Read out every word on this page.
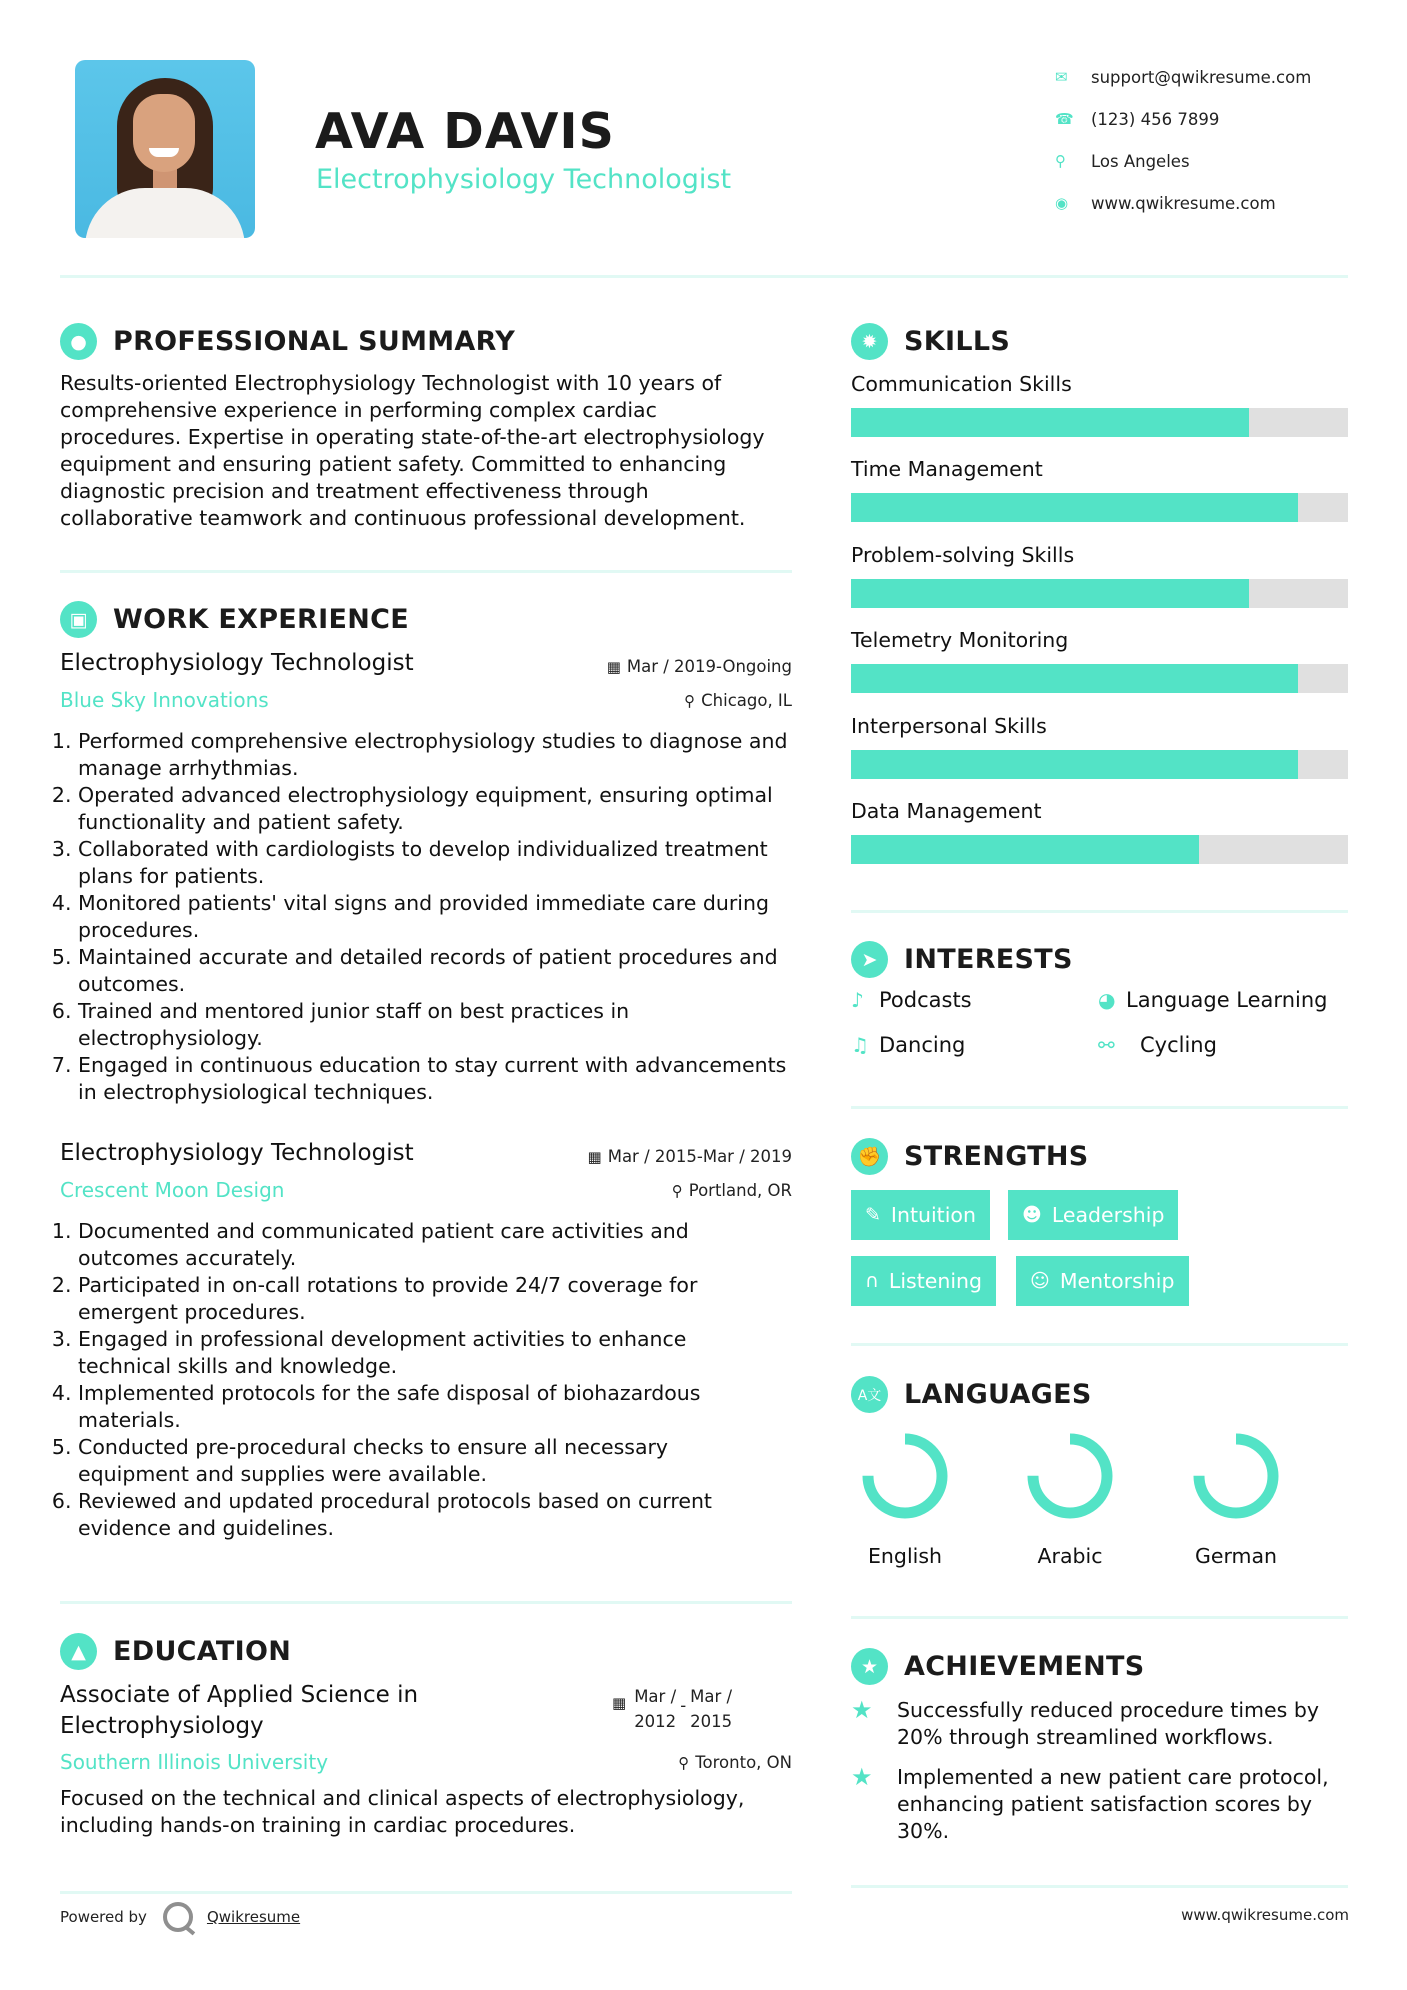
AVA DAVIS
Electrophysiology Technologist
✉	support@qwikresume.com
☎	(123) 456 7899
⚲	Los Angeles
◉	www.qwikresume.com
● PROFESSIONAL SUMMARY
Results-oriented Electrophysiology Technologist with 10 years of
comprehensive experience in performing complex cardiac
procedures. Expertise in operating state-of-the-art electrophysiology
equipment and ensuring patient safety. Committed to enhancing
diagnostic precision and treatment effectiveness through
collaborative teamwork and continuous professional development.
▣ WORK EXPERIENCE
Electrophysiology Technologist	▦ Mar / 2019-Ongoing
Blue Sky Innovations	⚲ Chicago, IL
1. Performed comprehensive electrophysiology studies to diagnose and manage arrhythmias.
2. Operated advanced electrophysiology equipment, ensuring optimal functionality and patient safety.
3. Collaborated with cardiologists to develop individualized treatment plans for patients.
4. Monitored patients' vital signs and provided immediate care during procedures.
5. Maintained accurate and detailed records of patient procedures and outcomes.
6. Trained and mentored junior staff on best practices in electrophysiology.
7. Engaged in continuous education to stay current with advancements in electrophysiological techniques.
Electrophysiology Technologist	▦ Mar / 2015-Mar / 2019
Crescent Moon Design	⚲ Portland, OR
1. Documented and communicated patient care activities and outcomes accurately.
2. Participated in on-call rotations to provide 24/7 coverage for emergent procedures.
3. Engaged in professional development activities to enhance technical skills and knowledge.
4. Implemented protocols for the safe disposal of biohazardous materials.
5. Conducted pre-procedural checks to ensure all necessary equipment and supplies were available.
6. Reviewed and updated procedural protocols based on current evidence and guidelines.
▲	EDUCATION
Associate of Applied Science in
Electrophysiology
▦ Mar /
2012
- Mar /
2015
Southern Illinois University	⚲ Toronto, ON
Focused on the technical and clinical aspects of electrophysiology,
including hands-on training in cardiac procedures.
✹ SKILLS
Communication Skills
Time Management
Problem-solving Skills
Telemetry Monitoring
Interpersonal Skills
Data Management
➤ INTERESTS
♪ Podcasts	◕ Language Learning
♫ Dancing	⚯	Cycling
✊ STRENGTHS
✎ Intuition ☻ Leadership
∩ Listening	☺ Mentorship
A文 LANGUAGES
English	Arabic	German
★ ACHIEVEMENTS
★	Successfully reduced procedure times by 20% through streamlined workflows.
★	Implemented a new patient care protocol, enhancing patient satisfaction scores by 30%.
Powered by	Qwikresume	www.qwikresume.com
